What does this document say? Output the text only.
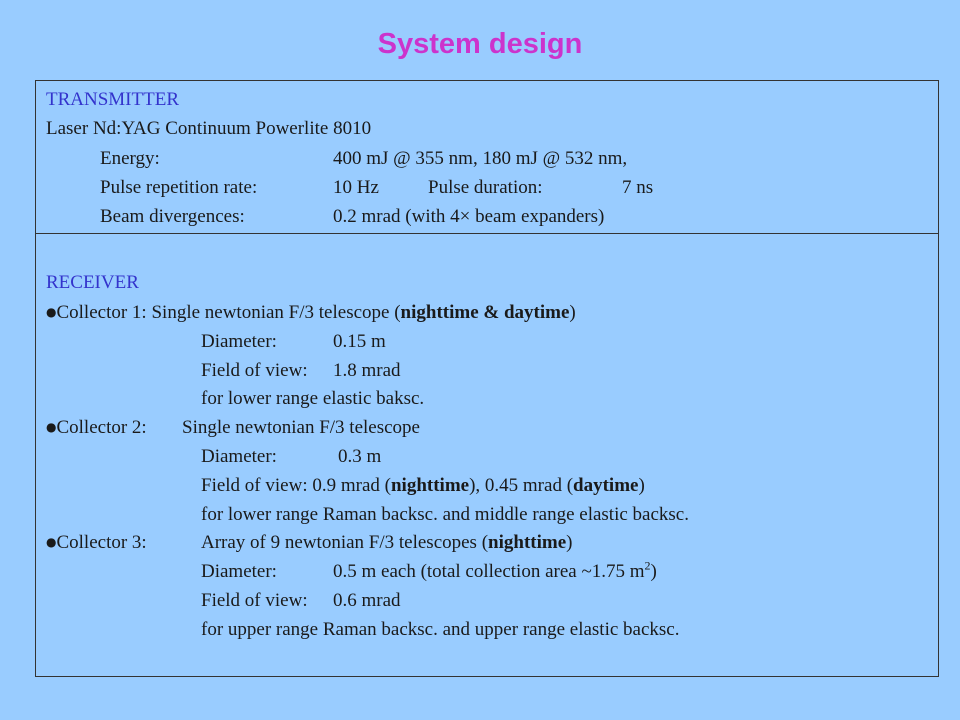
System design
TRANSMITTER
Laser Nd:YAG Continuum Powerlite 8010
Energy:	400 mJ @ 355 nm, 180 mJ @ 532 nm,
Pulse repetition rate:	10 Hz	Pulse duration:	7 ns
Beam divergences:	0.2 mrad (with 4× beam expanders)
RECEIVER
●Collector 1: Single newtonian F/3 telescope (nighttime & daytime)
Diameter:	0.15 m
Field of view: 1.8 mrad
for lower range elastic baksc.
●Collector 2: Single newtonian F/3 telescope
Diameter:	0.3 m
Field of view: 0.9 mrad (nighttime), 0.45 mrad (daytime)
for lower range Raman backsc. and middle range elastic backsc.
●Collector 3:	Array of 9 newtonian F/3 telescopes (nighttime)
Diameter:	0.5 m each (total collection area ~1.75 $m^2$)
Field of view: 0.6 mrad
for upper range Raman backsc. and upper range elastic backsc.
